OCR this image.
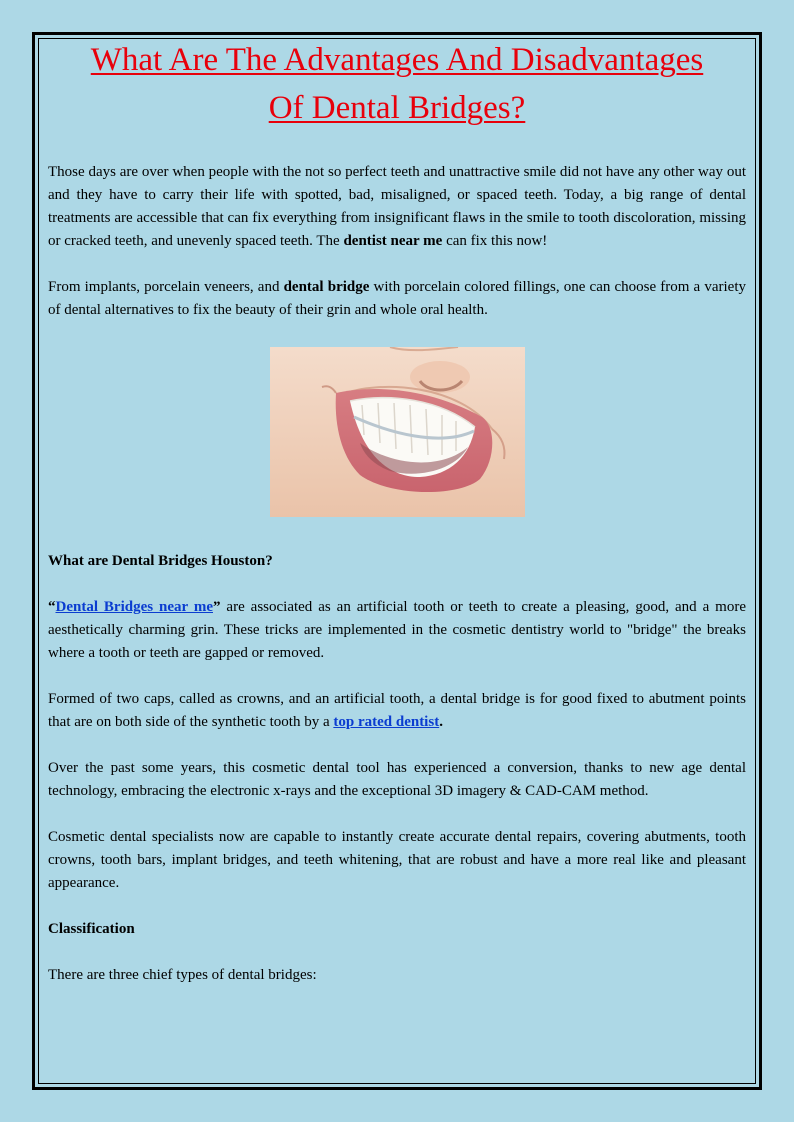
What Are The Advantages And Disadvantages
Of Dental Bridges?

Those days are over when people with the not so perfect teeth and unattractive smile did not have any other way out and they have to carry their life with spotted, bad, misaligned, or spaced teeth. Today, a big range of dental treatments are accessible that can fix everything from insignificant flaws in the smile to tooth discoloration, missing or cracked teeth, and unevenly spaced teeth. The dentist near me can fix this now!

From implants, porcelain veneers, and dental bridge with porcelain colored fillings, one can choose from a variety of dental alternatives to fix the beauty of their grin and whole oral health.

What are Dental Bridges Houston?

“Dental Bridges near me” are associated as an artificial tooth or teeth to create a pleasing, good, and a more aesthetically charming grin. These tricks are implemented in the cosmetic dentistry world to "bridge" the breaks where a tooth or teeth are gapped or removed.

Formed of two caps, called as crowns, and an artificial tooth, a dental bridge is for good fixed to abutment points that are on both side of the synthetic tooth by a top rated dentist.

Over the past some years, this cosmetic dental tool has experienced a conversion, thanks to new age dental technology, embracing the electronic x-rays and the exceptional 3D imagery & CAD-CAM method.

Cosmetic dental specialists now are capable to instantly create accurate dental repairs, covering abutments, tooth crowns, tooth bars, implant bridges, and teeth whitening, that are robust and have a more real like and pleasant appearance.

Classification

There are three chief types of dental bridges:
